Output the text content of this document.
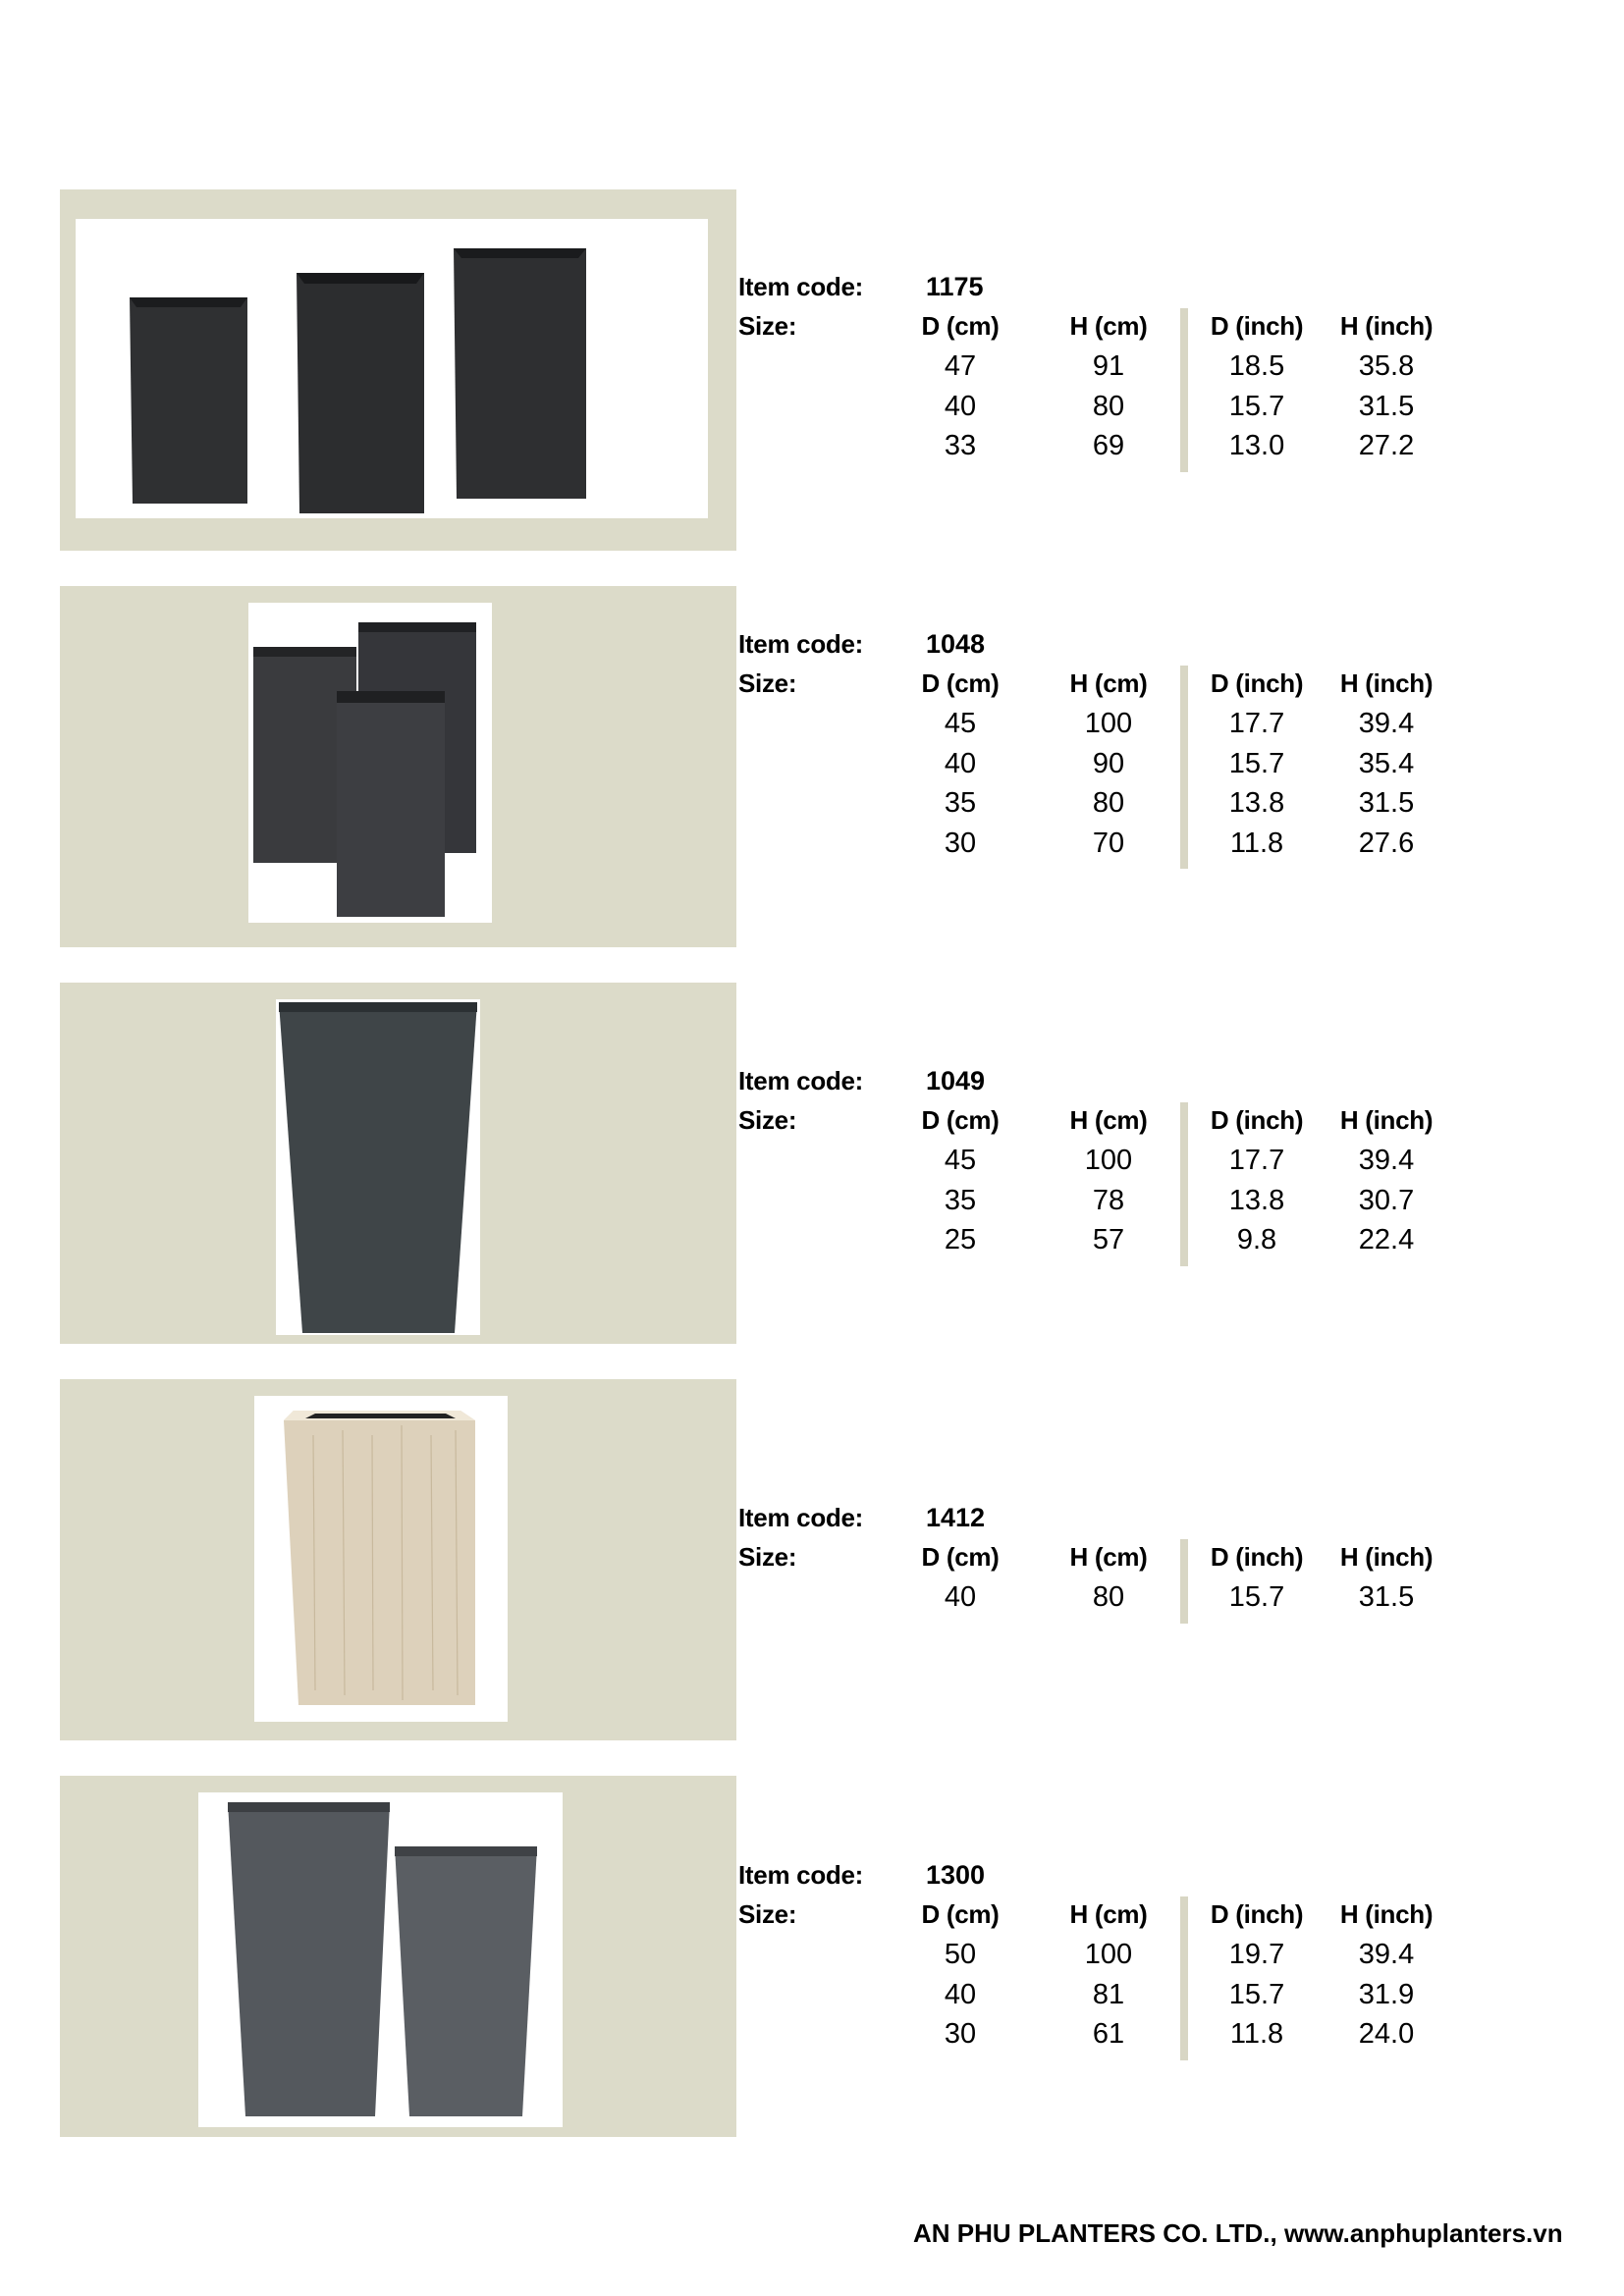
Item code: 1175
Size:	D (cm)	H (cm)	D (inch)	H (inch)
47	91	18.5	35.8
40	80	15.7	31.5
33	69	13.0	27.2
Item code: 1048
Size:	D (cm)	H (cm)	D (inch)	H (inch)
45	100	17.7	39.4
40	90	15.7	35.4
35	80	13.8	31.5
30	70	11.8	27.6
Item code: 1049
Size:	D (cm)	H (cm)	D (inch)	H (inch)
45	100	17.7	39.4
35	78	13.8	30.7
25	57	9.8	22.4
Item code: 1412
Size:	D (cm)	H (cm)	D (inch)	H (inch)
40	80	15.7	31.5
Item code: 1300
Size:	D (cm)	H (cm)	D (inch)	H (inch)
50	100	19.7	39.4
40	81	15.7	31.9
30	61	11.8	24.0
AN PHU PLANTERS CO. LTD., www.anphuplanters.vn
